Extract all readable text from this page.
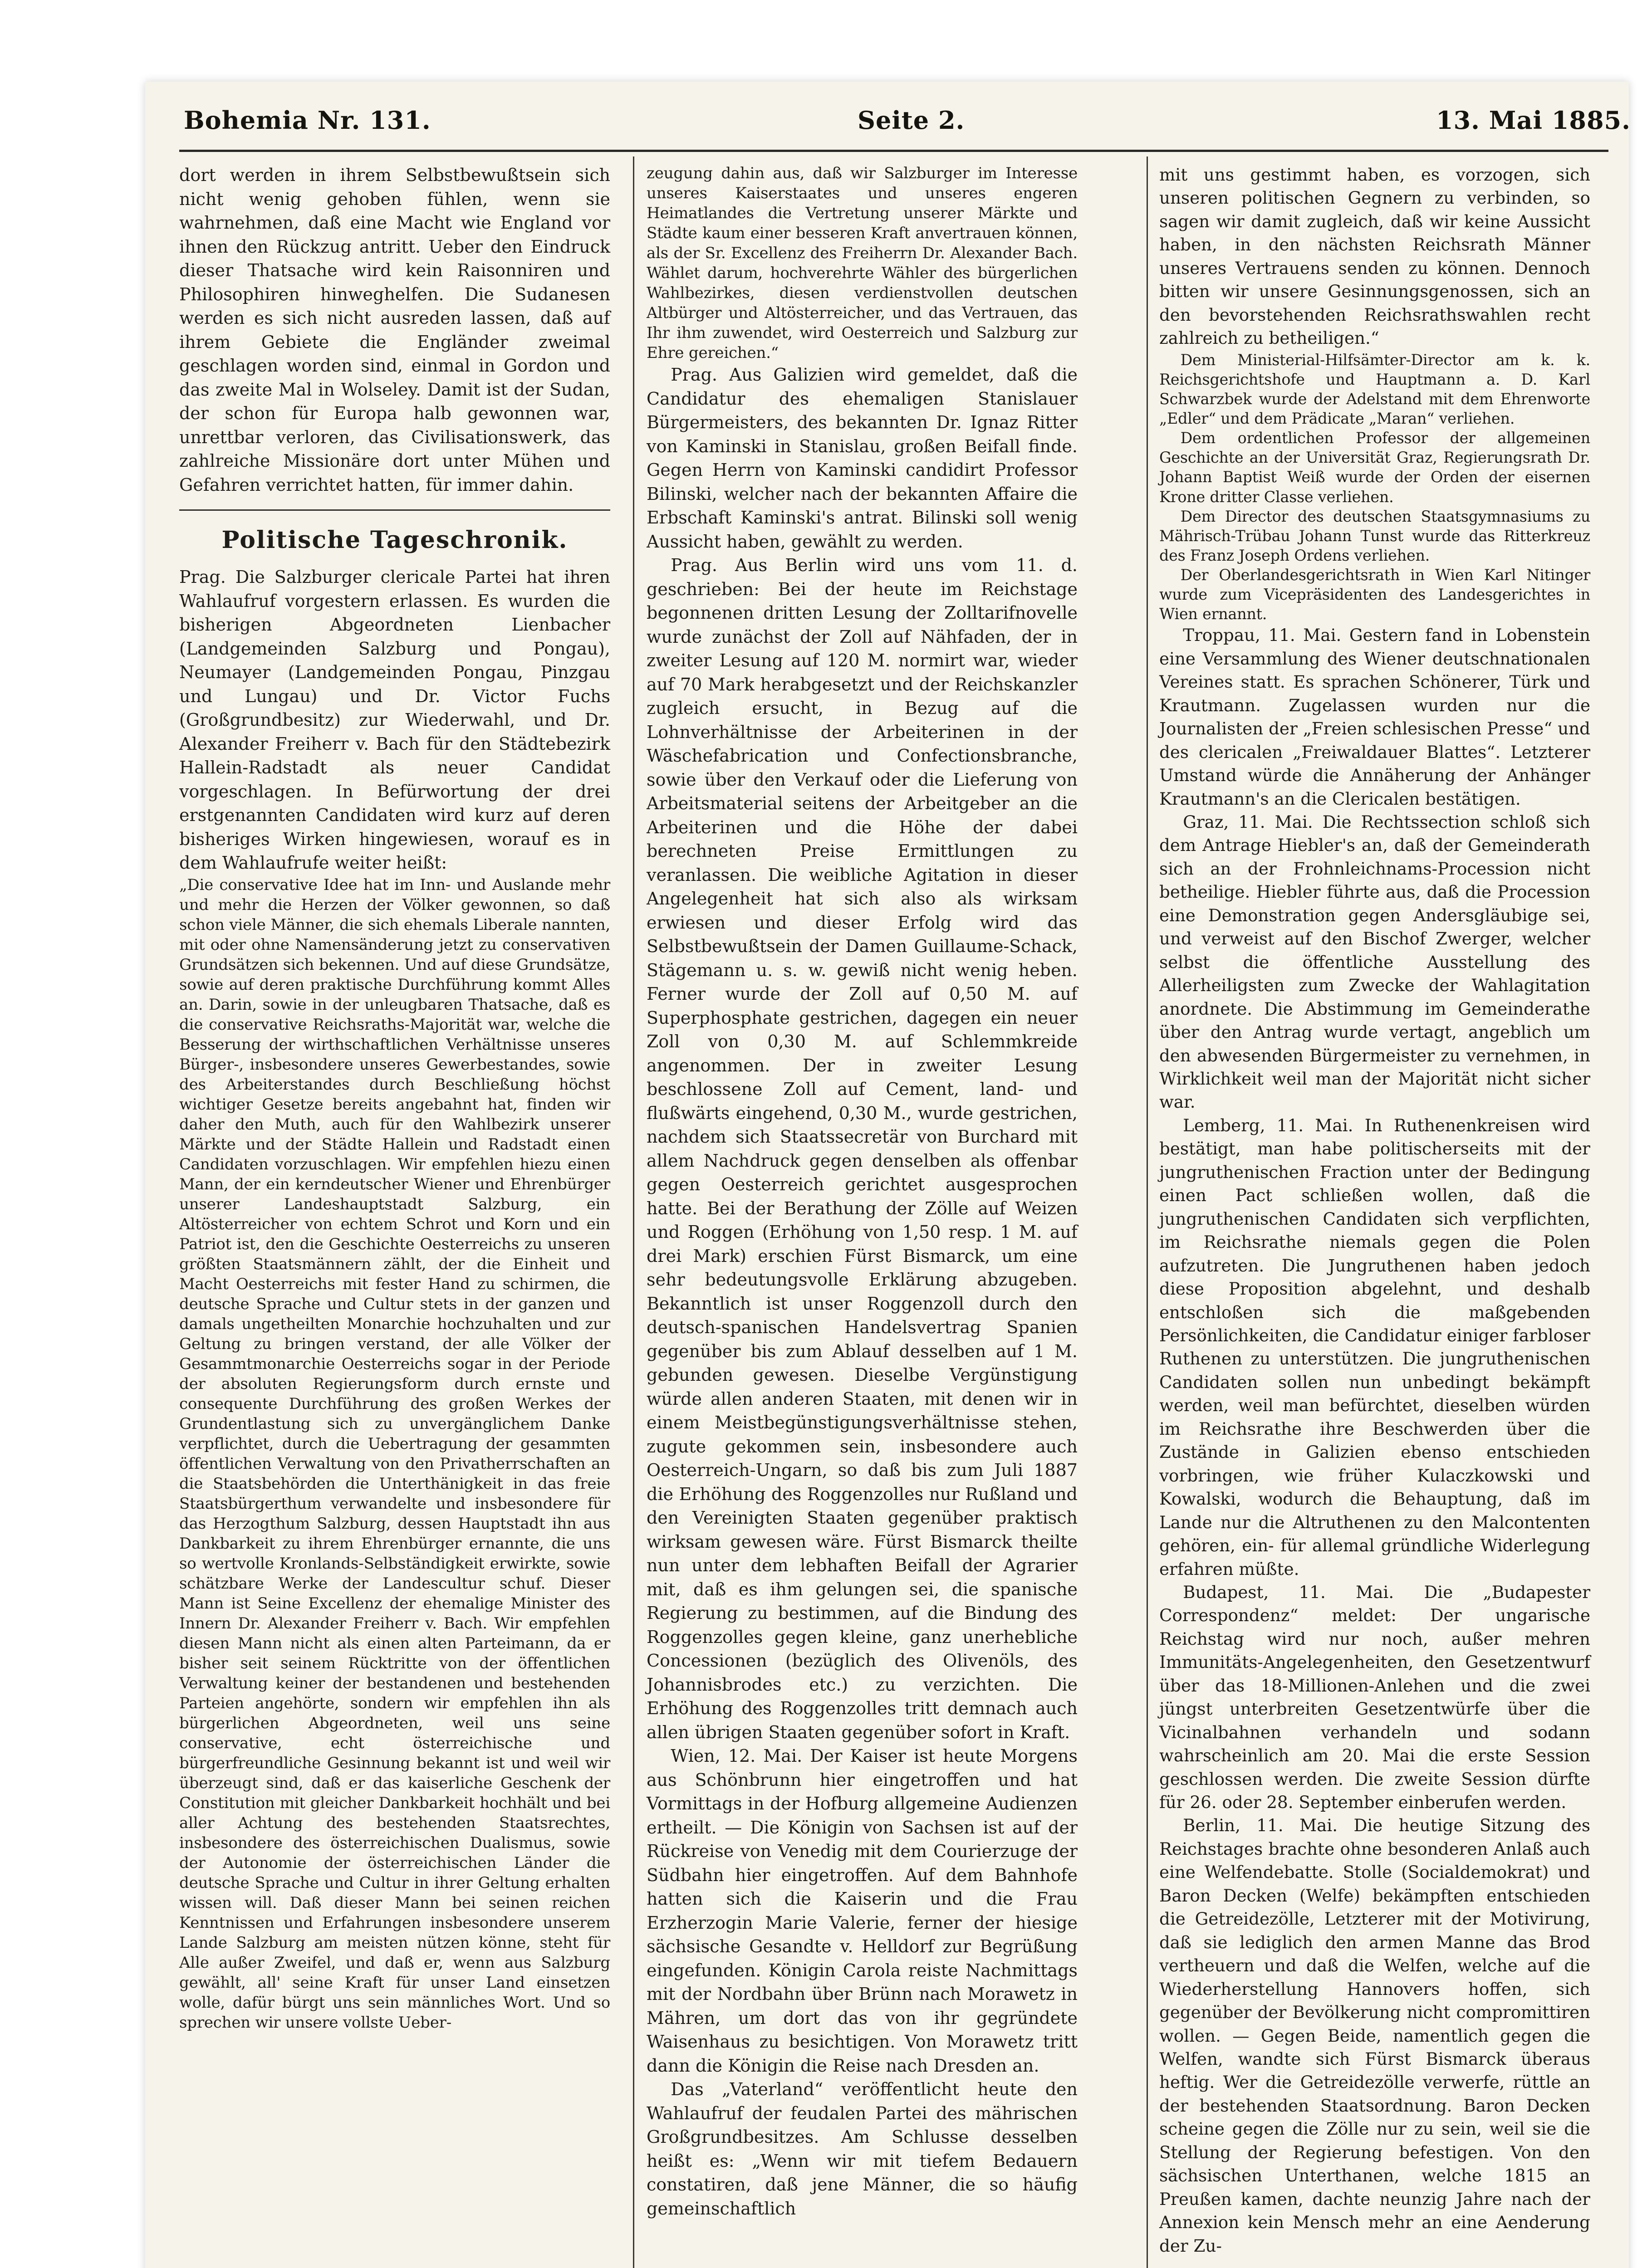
Bohemia Nr. 131.	Seite 2.	13. Mai 1885.

dort werden in ihrem Selbstbewußtsein sich nicht wenig gehoben fühlen, wenn sie wahrnehmen, daß eine Macht wie England vor ihnen den Rückzug antritt. Ueber den Eindruck dieser Thatsache wird kein Raisonniren und Philosophiren hinweghelfen. Die Sudanesen werden es sich nicht ausreden lassen, daß auf ihrem Gebiete die Engländer zweimal geschlagen worden sind, einmal in Gordon und das zweite Mal in Wolseley. Damit ist der Sudan, der schon für Europa halb gewonnen war, unrettbar verloren, das Civilisationswerk, das zahlreiche Missionäre dort unter Mühen und Gefahren verrichtet hatten, für immer dahin.

Politische Tageschronik.

Prag. Die Salzburger clericale Partei hat ihren Wahlaufruf vorgestern erlassen. Es wurden die bisherigen Abgeordneten Lienbacher (Landgemeinden Salzburg und Pongau), Neumayer (Landgemeinden Pongau, Pinzgau und Lungau) und Dr. Victor Fuchs (Großgrundbesitz) zur Wiederwahl, und Dr. Alexander Freiherr v. Bach für den Städtebezirk Hallein-Radstadt als neuer Candidat vorgeschlagen. In Befürwortung der drei erstgenannten Candidaten wird kurz auf deren bisheriges Wirken hingewiesen, worauf es in dem Wahlaufrufe weiter heißt:

„Die conservative Idee hat im Inn- und Auslande mehr und mehr die Herzen der Völker gewonnen, so daß schon viele Männer, die sich ehemals Liberale nannten, mit oder ohne Namensänderung jetzt zu conservativen Grundsätzen sich bekennen. Und auf diese Grundsätze, sowie auf deren praktische Durchführung kommt Alles an. Darin, sowie in der unleugbaren Thatsache, daß es die conservative Reichsraths-Majorität war, welche die Besserung der wirthschaftlichen Verhältnisse unseres Bürger-, insbesondere unseres Gewerbestandes, sowie des Arbeiterstandes durch Beschließung höchst wichtiger Gesetze bereits angebahnt hat, finden wir daher den Muth, auch für den Wahlbezirk unserer Märkte und der Städte Hallein und Radstadt einen Candidaten vorzuschlagen. Wir empfehlen hiezu einen Mann, der ein kerndeutscher Wiener und Ehrenbürger unserer Landeshauptstadt Salzburg, ein Altösterreicher von echtem Schrot und Korn und ein Patriot ist, den die Geschichte Oesterreichs zu unseren größten Staatsmännern zählt, der die Einheit und Macht Oesterreichs mit fester Hand zu schirmen, die deutsche Sprache und Cultur stets in der ganzen und damals ungetheilten Monarchie hochzuhalten und zur Geltung zu bringen verstand, der alle Völker der Gesammtmonarchie Oesterreichs sogar in der Periode der absoluten Regierungsform durch ernste und consequente Durchführung des großen Werkes der Grundentlastung sich zu unvergänglichem Danke verpflichtet, durch die Uebertragung der gesammten öffentlichen Verwaltung von den Privatherrschaften an die Staatsbehörden die Unterthänigkeit in das freie Staatsbürgerthum verwandelte und insbesondere für das Herzogthum Salzburg, dessen Hauptstadt ihn aus Dankbarkeit zu ihrem Ehrenbürger ernannte, die uns so wertvolle Kronlands-Selbständigkeit erwirkte, sowie schätzbare Werke der Landescultur schuf. Dieser Mann ist Seine Excellenz der ehemalige Minister des Innern Dr. Alexander Freiherr v. Bach. Wir empfehlen diesen Mann nicht als einen alten Parteimann, da er bisher seit seinem Rücktritte von der öffentlichen Verwaltung keiner der bestandenen und bestehenden Parteien angehörte, sondern wir empfehlen ihn als bürgerlichen Abgeordneten, weil uns seine conservative, echt österreichische und bürgerfreundliche Gesinnung bekannt ist und weil wir überzeugt sind, daß er das kaiserliche Geschenk der Constitution mit gleicher Dankbarkeit hochhält und bei aller Achtung des bestehenden Staatsrechtes, insbesondere des österreichischen Dualismus, sowie der Autonomie der österreichischen Länder die deutsche Sprache und Cultur in ihrer Geltung erhalten wissen will. Daß dieser Mann bei seinen reichen Kenntnissen und Erfahrungen insbesondere unserem Lande Salzburg am meisten nützen könne, steht für Alle außer Zweifel, und daß er, wenn aus Salzburg gewählt, all' seine Kraft für unser Land einsetzen wolle, dafür bürgt uns sein männliches Wort. Und so sprechen wir unsere vollste Ueber-

zeugung dahin aus, daß wir Salzburger im Interesse unseres Kaiserstaates und unseres engeren Heimatlandes die Vertretung unserer Märkte und Städte kaum einer besseren Kraft anvertrauen können, als der Sr. Excellenz des Freiherrn Dr. Alexander Bach. Wählet darum, hochverehrte Wähler des bürgerlichen Wahlbezirkes, diesen verdienstvollen deutschen Altbürger und Altösterreicher, und das Vertrauen, das Ihr ihm zuwendet, wird Oesterreich und Salzburg zur Ehre gereichen.“

Prag. Aus Galizien wird gemeldet, daß die Candidatur des ehemaligen Stanislauer Bürgermeisters, des bekannten Dr. Ignaz Ritter von Kaminski in Stanislau, großen Beifall finde. Gegen Herrn von Kaminski candidirt Professor Bilinski, welcher nach der bekannten Affaire die Erbschaft Kaminski's antrat. Bilinski soll wenig Aussicht haben, gewählt zu werden.

Prag. Aus Berlin wird uns vom 11. d. geschrieben: Bei der heute im Reichstage begonnenen dritten Lesung der Zolltarifnovelle wurde zunächst der Zoll auf Nähfaden, der in zweiter Lesung auf 120 M. normirt war, wieder auf 70 Mark herabgesetzt und der Reichskanzler zugleich ersucht, in Bezug auf die Lohnverhältnisse der Arbeiterinen in der Wäschefabrication und Confectionsbranche, sowie über den Verkauf oder die Lieferung von Arbeitsmaterial seitens der Arbeitgeber an die Arbeiterinen und die Höhe der dabei berechneten Preise Ermittlungen zu veranlassen. Die weibliche Agitation in dieser Angelegenheit hat sich also als wirksam erwiesen und dieser Erfolg wird das Selbstbewußtsein der Damen Guillaume-Schack, Stägemann u. s. w. gewiß nicht wenig heben. Ferner wurde der Zoll auf 0,50 M. auf Superphosphate gestrichen, dagegen ein neuer Zoll von 0,30 M. auf Schlemmkreide angenommen. Der in zweiter Lesung beschlossene Zoll auf Cement, land- und flußwärts eingehend, 0,30 M., wurde gestrichen, nachdem sich Staatssecretär von Burchard mit allem Nachdruck gegen denselben als offenbar gegen Oesterreich gerichtet ausgesprochen hatte. Bei der Berathung der Zölle auf Weizen und Roggen (Erhöhung von 1,50 resp. 1 M. auf drei Mark) erschien Fürst Bismarck, um eine sehr bedeutungsvolle Erklärung abzugeben. Bekanntlich ist unser Roggenzoll durch den deutsch-spanischen Handelsvertrag Spanien gegenüber bis zum Ablauf desselben auf 1 M. gebunden gewesen. Dieselbe Vergünstigung würde allen anderen Staaten, mit denen wir in einem Meistbegünstigungsverhältnisse stehen, zugute gekommen sein, insbesondere auch Oesterreich-Ungarn, so daß bis zum Juli 1887 die Erhöhung des Roggenzolles nur Rußland und den Vereinigten Staaten gegenüber praktisch wirksam gewesen wäre. Fürst Bismarck theilte nun unter dem lebhaften Beifall der Agrarier mit, daß es ihm gelungen sei, die spanische Regierung zu bestimmen, auf die Bindung des Roggenzolles gegen kleine, ganz unerhebliche Concessionen (bezüglich des Olivenöls, des Johannisbrodes etc.) zu verzichten. Die Erhöhung des Roggenzolles tritt demnach auch allen übrigen Staaten gegenüber sofort in Kraft.

Wien, 12. Mai. Der Kaiser ist heute Morgens aus Schönbrunn hier eingetroffen und hat Vormittags in der Hofburg allgemeine Audienzen ertheilt. — Die Königin von Sachsen ist auf der Rückreise von Venedig mit dem Courierzuge der Südbahn hier eingetroffen. Auf dem Bahnhofe hatten sich die Kaiserin und die Frau Erzherzogin Marie Valerie, ferner der hiesige sächsische Gesandte v. Helldorf zur Begrüßung eingefunden. Königin Carola reiste Nachmittags mit der Nordbahn über Brünn nach Morawetz in Mähren, um dort das von ihr gegründete Waisenhaus zu besichtigen. Von Morawetz tritt dann die Königin die Reise nach Dresden an.

Das „Vaterland“ veröffentlicht heute den Wahlaufruf der feudalen Partei des mährischen Großgrundbesitzes. Am Schlusse desselben heißt es: „Wenn wir mit tiefem Bedauern constatiren, daß jene Männer, die so häufig gemeinschaftlich

mit uns gestimmt haben, es vorzogen, sich unseren politischen Gegnern zu verbinden, so sagen wir damit zugleich, daß wir keine Aussicht haben, in den nächsten Reichsrath Männer unseres Vertrauens senden zu können. Dennoch bitten wir unsere Gesinnungsgenossen, sich an den bevorstehenden Reichsrathswahlen recht zahlreich zu betheiligen.“

Dem Ministerial-Hilfsämter-Director am k. k. Reichsgerichtshofe und Hauptmann a. D. Karl Schwarzbek wurde der Adelstand mit dem Ehrenworte „Edler“ und dem Prädicate „Maran“ verliehen.

Dem ordentlichen Professor der allgemeinen Geschichte an der Universität Graz, Regierungsrath Dr. Johann Baptist Weiß wurde der Orden der eisernen Krone dritter Classe verliehen.

Dem Director des deutschen Staatsgymnasiums zu Mährisch-Trübau Johann Tunst wurde das Ritterkreuz des Franz Joseph Ordens verliehen.

Der Oberlandesgerichtsrath in Wien Karl Nitinger wurde zum Vicepräsidenten des Landesgerichtes in Wien ernannt.

Troppau, 11. Mai. Gestern fand in Lobenstein eine Versammlung des Wiener deutschnationalen Vereines statt. Es sprachen Schönerer, Türk und Krautmann. Zugelassen wurden nur die Journalisten der „Freien schlesischen Presse“ und des clericalen „Freiwaldauer Blattes“. Letzterer Umstand würde die Annäherung der Anhänger Krautmann's an die Clericalen bestätigen.

Graz, 11. Mai. Die Rechtssection schloß sich dem Antrage Hiebler's an, daß der Gemeinderath sich an der Frohnleichnams-Procession nicht betheilige. Hiebler führte aus, daß die Procession eine Demonstration gegen Andersgläubige sei, und verweist auf den Bischof Zwerger, welcher selbst die öffentliche Ausstellung des Allerheiligsten zum Zwecke der Wahlagitation anordnete. Die Abstimmung im Gemeinderathe über den Antrag wurde vertagt, angeblich um den abwesenden Bürgermeister zu vernehmen, in Wirklichkeit weil man der Majorität nicht sicher war.

Lemberg, 11. Mai. In Ruthenenkreisen wird bestätigt, man habe politischerseits mit der jungruthenischen Fraction unter der Bedingung einen Pact schließen wollen, daß die jungruthenischen Candidaten sich verpflichten, im Reichsrathe niemals gegen die Polen aufzutreten. Die Jungruthenen haben jedoch diese Proposition abgelehnt, und deshalb entschloßen sich die maßgebenden Persönlichkeiten, die Candidatur einiger farbloser Ruthenen zu unterstützen. Die jungruthenischen Candidaten sollen nun unbedingt bekämpft werden, weil man befürchtet, dieselben würden im Reichsrathe ihre Beschwerden über die Zustände in Galizien ebenso entschieden vorbringen, wie früher Kulaczkowski und Kowalski, wodurch die Behauptung, daß im Lande nur die Altruthenen zu den Malcontenten gehören, ein- für allemal gründliche Widerlegung erfahren müßte.

Budapest, 11. Mai. Die „Budapester Correspondenz“ meldet: Der ungarische Reichstag wird nur noch, außer mehren Immunitäts-Angelegenheiten, den Gesetzentwurf über das 18-Millionen-Anlehen und die zwei jüngst unterbreiten Gesetzentwürfe über die Vicinalbahnen verhandeln und sodann wahrscheinlich am 20. Mai die erste Session geschlossen werden. Die zweite Session dürfte für 26. oder 28. September einberufen werden.

Berlin, 11. Mai. Die heutige Sitzung des Reichstages brachte ohne besonderen Anlaß auch eine Welfendebatte. Stolle (Socialdemokrat) und Baron Decken (Welfe) bekämpften entschieden die Getreidezölle, Letzterer mit der Motivirung, daß sie lediglich den armen Manne das Brod vertheuern und daß die Welfen, welche auf die Wiederherstellung Hannovers hoffen, sich gegenüber der Bevölkerung nicht compromittiren wollen. — Gegen Beide, namentlich gegen die Welfen, wandte sich Fürst Bismarck überaus heftig. Wer die Getreidezölle verwerfe, rüttle an der bestehenden Staatsordnung. Baron Decken scheine gegen die Zölle nur zu sein, weil sie die Stellung der Regierung befestigen. Von den sächsischen Unterthanen, welche 1815 an Preußen kamen, dachte neunzig Jahre nach der Annexion kein Mensch mehr an eine Aenderung der Zu-
